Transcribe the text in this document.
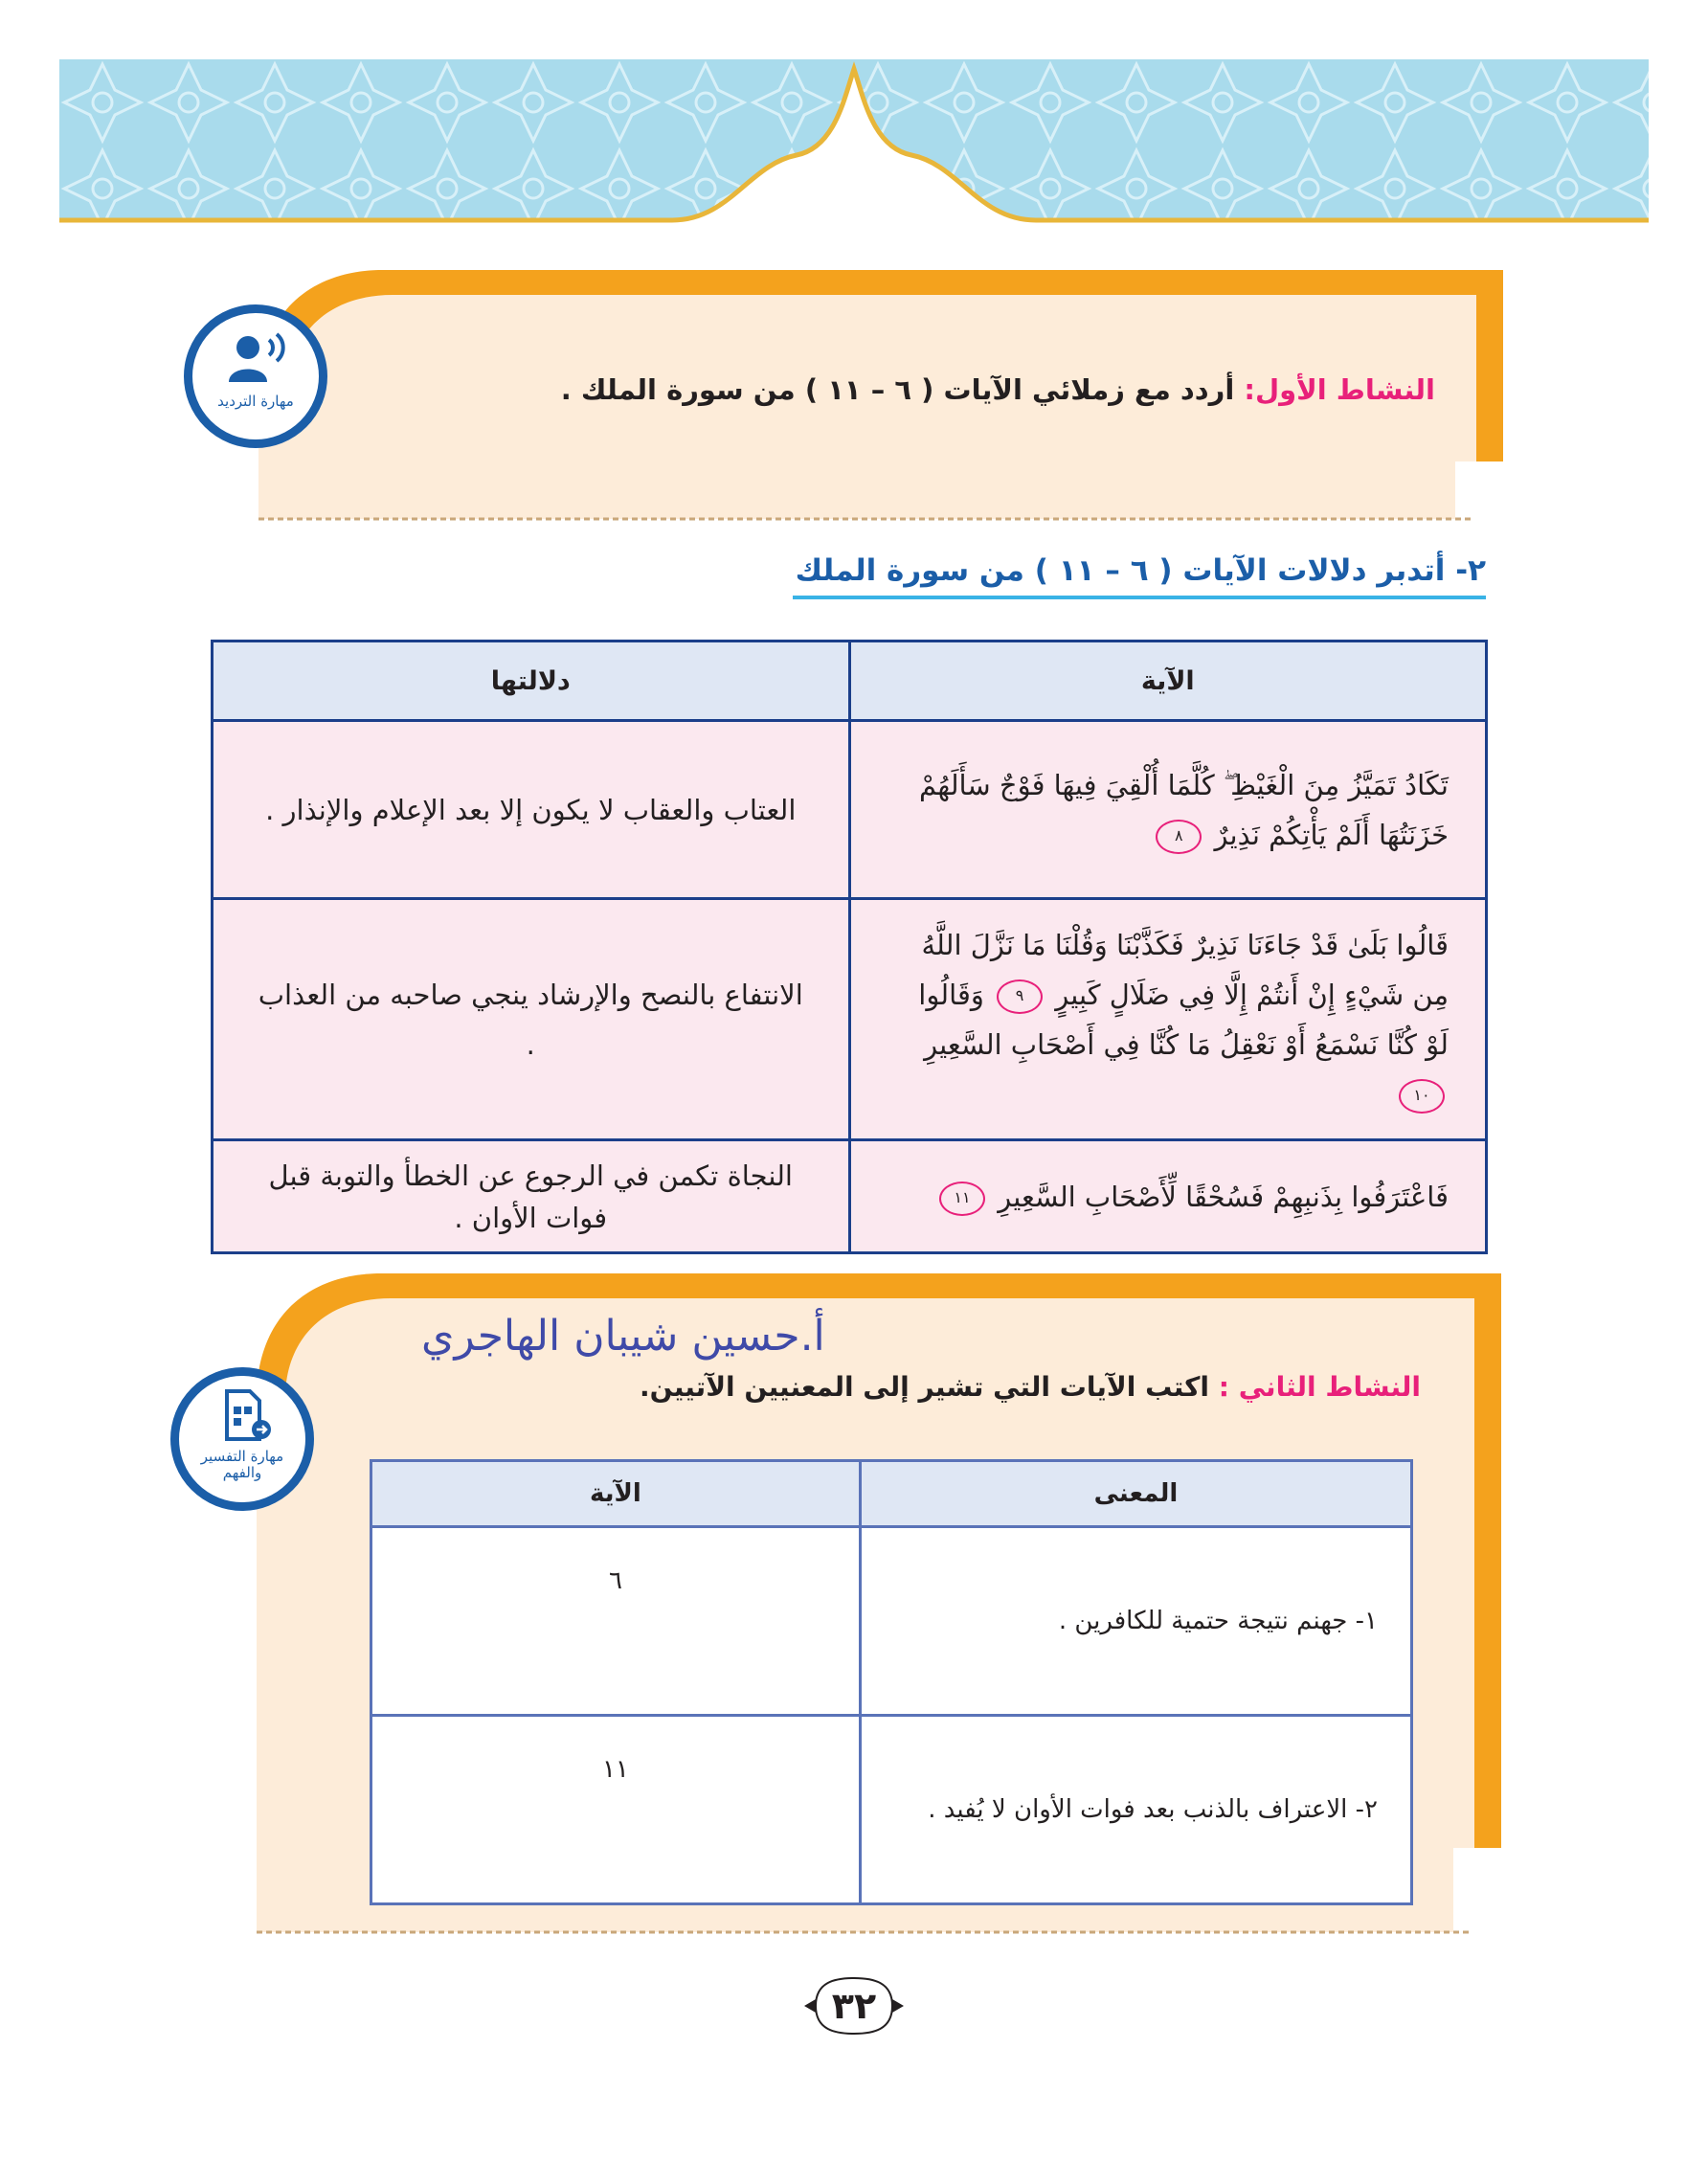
مهارة الترديد	النشاط الأول: أردد مع زملائي الآيات ( ٦ – ١١ ) من سورة الملك .
٢- أتدبر دلالات الآيات ( ٦ – ١١ ) من سورة الملك
الآية	دلالتها
تَكَادُ تَمَيَّزُ مِنَ الْغَيْظِ ۖ كُلَّمَا أُلْقِيَ فِيهَا فَوْجٌ سَأَلَهُمْ خَزَنَتُهَا أَلَمْ يَأْتِكُمْ نَذِيرٌ ٨	العتاب والعقاب لا يكون إلا بعد الإعلام والإنذار .
قَالُوا بَلَىٰ قَدْ جَاءَنَا نَذِيرٌ فَكَذَّبْنَا وَقُلْنَا مَا نَزَّلَ اللَّهُ مِن شَيْءٍ إِنْ أَنتُمْ إِلَّا فِي ضَلَالٍ كَبِيرٍ ٩ وَقَالُوا لَوْ كُنَّا نَسْمَعُ أَوْ نَعْقِلُ مَا كُنَّا فِي أَصْحَابِ السَّعِيرِ ١٠	الانتفاع بالنصح والإرشاد ينجي صاحبه من العذاب .
فَاعْتَرَفُوا بِذَنبِهِمْ فَسُحْقًا لِّأَصْحَابِ السَّعِيرِ ١١	النجاة تكمن في الرجوع عن الخطأ والتوبة قبل فوات الأوان .
أ.حسين شيبان الهاجري
مهارة التفسير
والفهم
النشاط الثاني : اكتب الآيات التي تشير إلى المعنيين الآتيين.
المعنى	الآية
١- جهنم نتيجة حتمية للكافرين .	٦
٢- الاعتراف بالذنب بعد فوات الأوان لا يُفيد .	١١
٣٢
